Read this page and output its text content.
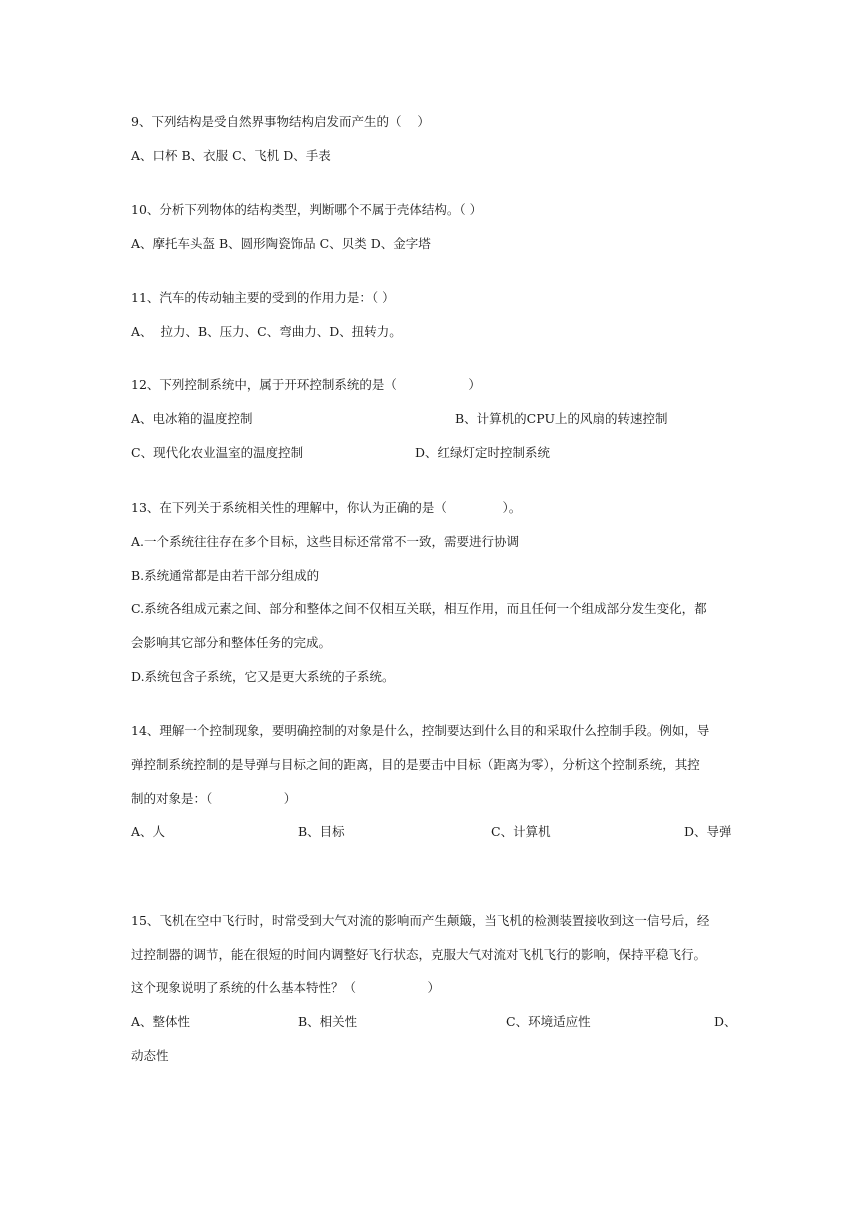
9、下列结构是受自然界事物结构启发而产生的（    ）
A、口杯 B、衣服 C、飞机 D、手表
10、分析下列物体的结构类型，判断哪个不属于壳体结构。（ ）
A、摩托车头盔 B、圆形陶瓷饰品 C、贝类 D、金字塔
11、汽车的传动轴主要的受到的作用力是：（ ）
A、  拉力、B、压力、C、弯曲力、D、扭转力。
12、下列控制系统中，属于开环控制系统的是（                  ）
A、电冰箱的温度控制	B、计算机的CPU上的风扇的转速控制
C、现代化农业温室的温度控制	D、红绿灯定时控制系统
13、在下列关于系统相关性的理解中，你认为正确的是（              ）。
A.一个系统往往存在多个目标，这些目标还常常不一致，需要进行协调
B.系统通常都是由若干部分组成的
C.系统各组成元素之间、部分和整体之间不仅相互关联，相互作用，而且任何一个组成部分发生变化，都
会影响其它部分和整体任务的完成。
D.系统包含子系统，它又是更大系统的子系统。
14、理解一个控制现象，要明确控制的对象是什么，控制要达到什么目的和采取什么控制手段。例如，导
弹控制系统控制的是导弹与目标之间的距离，目的是要击中目标（距离为零），分析这个控制系统，其控
制的对象是：（                  ）
A、人	B、目标	C、计算机	D、导弹
15、飞机在空中飞行时，时常受到大气对流的影响而产生颠簸，当飞机的检测装置接收到这一信号后，经
过控制器的调节，能在很短的时间内调整好飞行状态，克服大气对流对飞机飞行的影响，保持平稳飞行。
这个现象说明了系统的什么基本特性？（                  ）
A、整体性	B、相关性	C、环境适应性	D、
动态性
